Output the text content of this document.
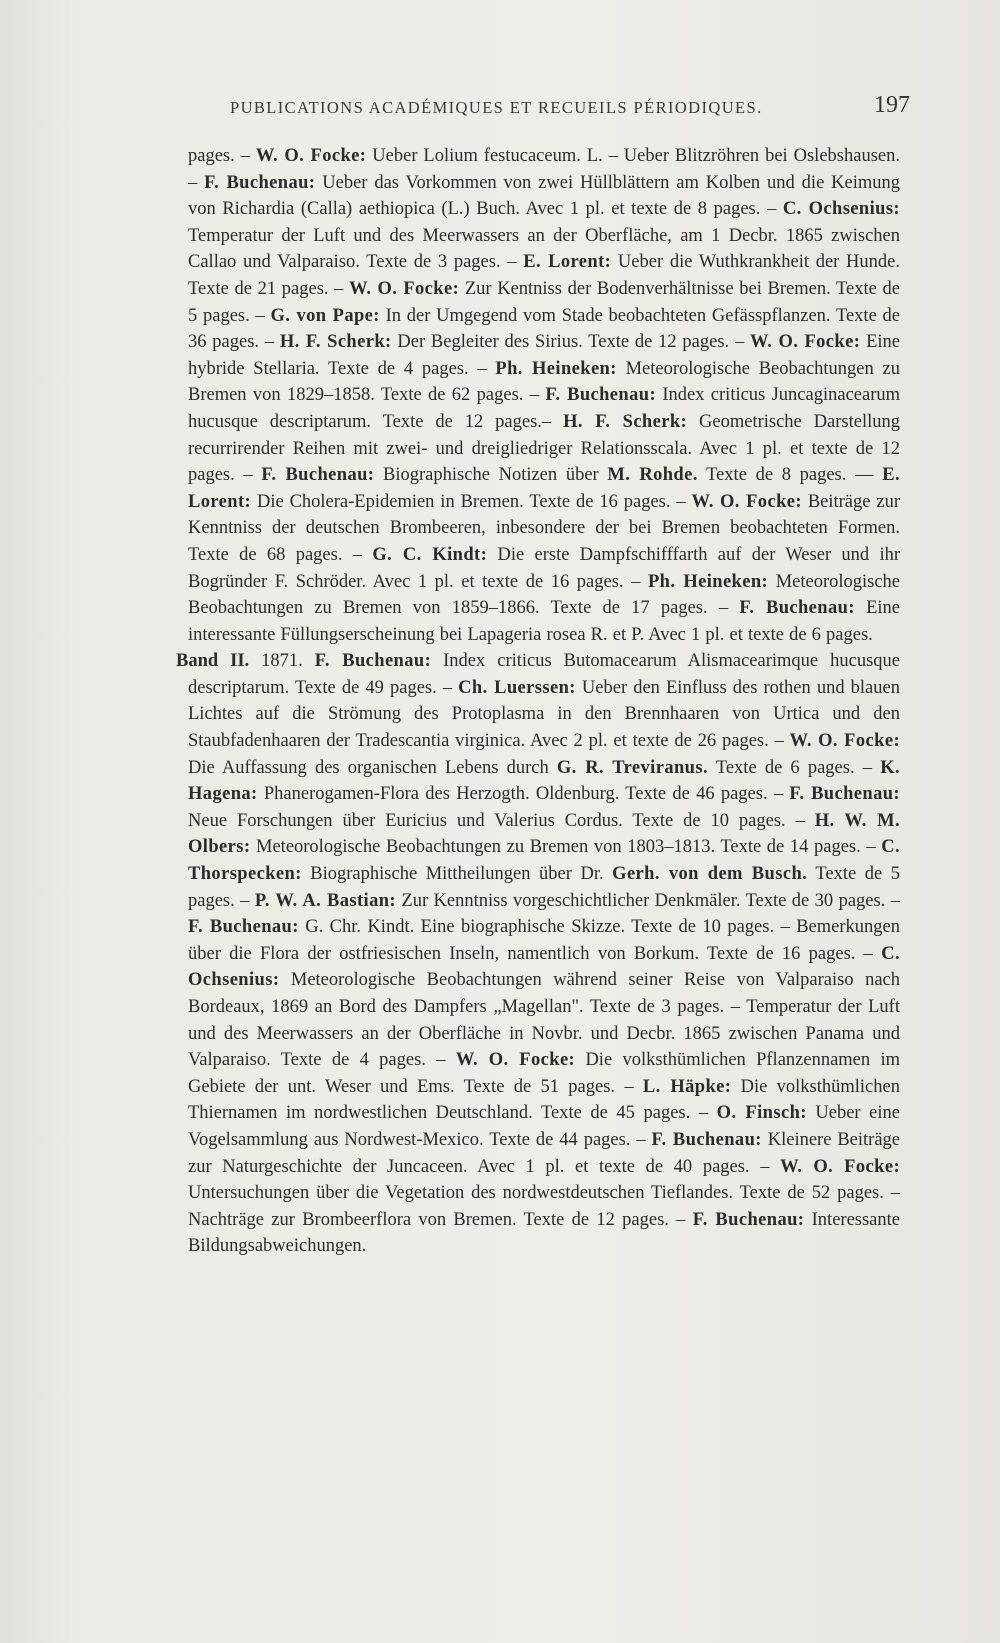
PUBLICATIONS ACADÉMIQUES ET RECUEILS PÉRIODIQUES.	197

pages. – W. O. Focke: Ueber Lolium festucaceum. L. – Ueber Blitzröhren bei Oslebshausen. – F. Buchenau: Ueber das Vorkommen von zwei Hüllblättern am Kolben und die Keimung von Richardia (Calla) aethiopica (L.) Buch. Avec 1 pl. et texte de 8 pages. – C. Ochsenius: Temperatur der Luft und des Meerwassers an der Oberfläche, am 1 Decbr. 1865 zwischen Callao und Valparaiso. Texte de 3 pages. – E. Lorent: Ueber die Wuthkrankheit der Hunde. Texte de 21 pages. – W. O. Focke: Zur Kentniss der Bodenverhältnisse bei Bremen. Texte de 5 pages. – G. von Pape: In der Umgegend vom Stade beobachteten Gefässpflanzen. Texte de 36 pages. – H. F. Scherk: Der Begleiter des Sirius. Texte de 12 pages. – W. O. Focke: Eine hybride Stellaria. Texte de 4 pages. – Ph. Heineken: Meteorologische Beobachtungen zu Bremen von 1829–1858. Texte de 62 pages. – F. Buchenau: Index criticus Juncaginacearum hucusque descriptarum. Texte de 12 pages.– H. F. Scherk: Geometrische Darstellung recurrirender Reihen mit zwei- und dreigliedriger Relationsscala. Avec 1 pl. et texte de 12 pages. – F. Buchenau: Biographische Notizen über M. Rohde. Texte de 8 pages. — E. Lorent: Die Cholera-Epidemien in Bremen. Texte de 16 pages. – W. O. Focke: Beiträge zur Kenntniss der deutschen Brombeeren, inbesondere der bei Bremen beobachteten Formen. Texte de 68 pages. – G. C. Kindt: Die erste Dampfschifffarth auf der Weser und ihr Bogründer F. Schröder. Avec 1 pl. et texte de 16 pages. – Ph. Heineken: Meteorologische Beobachtungen zu Bremen von 1859–1866. Texte de 17 pages. – F. Buchenau: Eine interessante Füllungserscheinung bei Lapageria rosea R. et P. Avec 1 pl. et texte de 6 pages.

Band II. 1871. F. Buchenau: Index criticus Butomacearum Alismacearimque hucusque descriptarum. Texte de 49 pages. – Ch. Luerssen: Ueber den Einfluss des rothen und blauen Lichtes auf die Strömung des Protoplasma in den Brennhaaren von Urtica und den Staubfadenhaaren der Tradescantia virginica. Avec 2 pl. et texte de 26 pages. – W. O. Focke: Die Auffassung des organischen Lebens durch G. R. Treviranus. Texte de 6 pages. – K. Hagena: Phanerogamen-Flora des Herzogth. Oldenburg. Texte de 46 pages. – F. Buchenau: Neue Forschungen über Euricius und Valerius Cordus. Texte de 10 pages. – H. W. M. Olbers: Meteorologische Beobachtungen zu Bremen von 1803–1813. Texte de 14 pages. – C. Thorspecken: Biographische Mittheilungen über Dr. Gerh. von dem Busch. Texte de 5 pages. – P. W. A. Bastian: Zur Kenntniss vorgeschichtlicher Denkmäler. Texte de 30 pages. – F. Buchenau: G. Chr. Kindt. Eine biographische Skizze. Texte de 10 pages. – Bemerkungen über die Flora der ostfriesischen Inseln, namentlich von Borkum. Texte de 16 pages. – C. Ochsenius: Meteorologische Beobachtungen während seiner Reise von Valparaiso nach Bordeaux, 1869 an Bord des Dampfers „Magellan". Texte de 3 pages. – Temperatur der Luft und des Meerwassers an der Oberfläche in Novbr. und Decbr. 1865 zwischen Panama und Valparaiso. Texte de 4 pages. – W. O. Focke: Die volksthümlichen Pflanzennamen im Gebiete der unt. Weser und Ems. Texte de 51 pages. – L. Häpke: Die volksthümlichen Thiernamen im nordwestlichen Deutschland. Texte de 45 pages. – O. Finsch: Ueber eine Vogelsammlung aus Nordwest-Mexico. Texte de 44 pages. – F. Buchenau: Kleinere Beiträge zur Naturgeschichte der Juncaceen. Avec 1 pl. et texte de 40 pages. – W. O. Focke: Untersuchungen über die Vegetation des nordwestdeutschen Tieflandes. Texte de 52 pages. – Nachträge zur Brombeerflora von Bremen. Texte de 12 pages. – F. Buchenau: Interessante Bildungsabweichungen.
